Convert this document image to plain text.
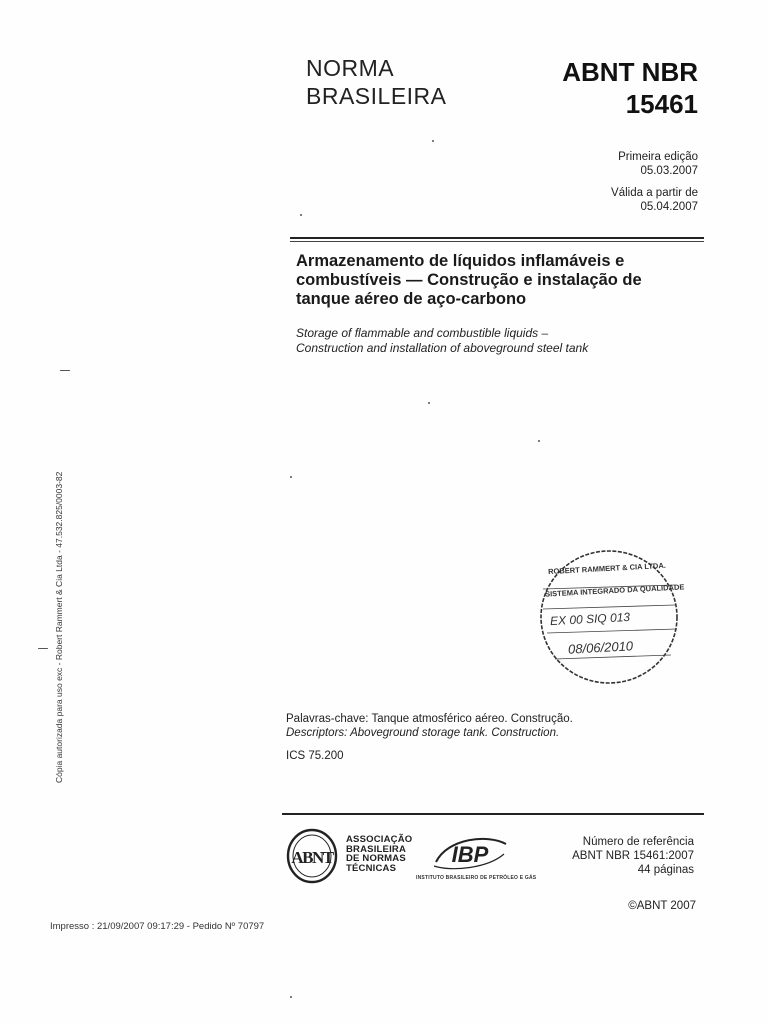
NORMA
BRASILEIRA
ABNT NBR
15461
Primeira edição
05.03.2007
Válida a partir de
05.04.2007
Armazenamento de líquidos inflamáveis e
combustíveis — Construção e instalação de
tanque aéreo de aço-carbono
Storage of flammable and combustible liquids –
Construction and installation of aboveground steel tank
ROBERT RAMMERT & CIA LTDA.
SISTEMA INTEGRADO DA QUALIDADE
EX 00 SIQ 013
08/06/2010
Palavras-chave: Tanque atmosférico aéreo. Construção.
Descriptors: Aboveground storage tank. Construction.
ICS 75.200
ABNT
ASSOCIAÇÃO
BRASILEIRA
DE NORMAS
TÉCNICAS
IBP
INSTITUTO BRASILEIRO DE PETRÓLEO E GÁS
Número de referência
ABNT NBR 15461:2007
44 páginas
©ABNT 2007
Impresso : 21/09/2007 09:17:29 - Pedido Nº 70797
Cópia autorizada para uso exc - Robert Rammert & Cia Ltda - 47.532.825/0003-82
